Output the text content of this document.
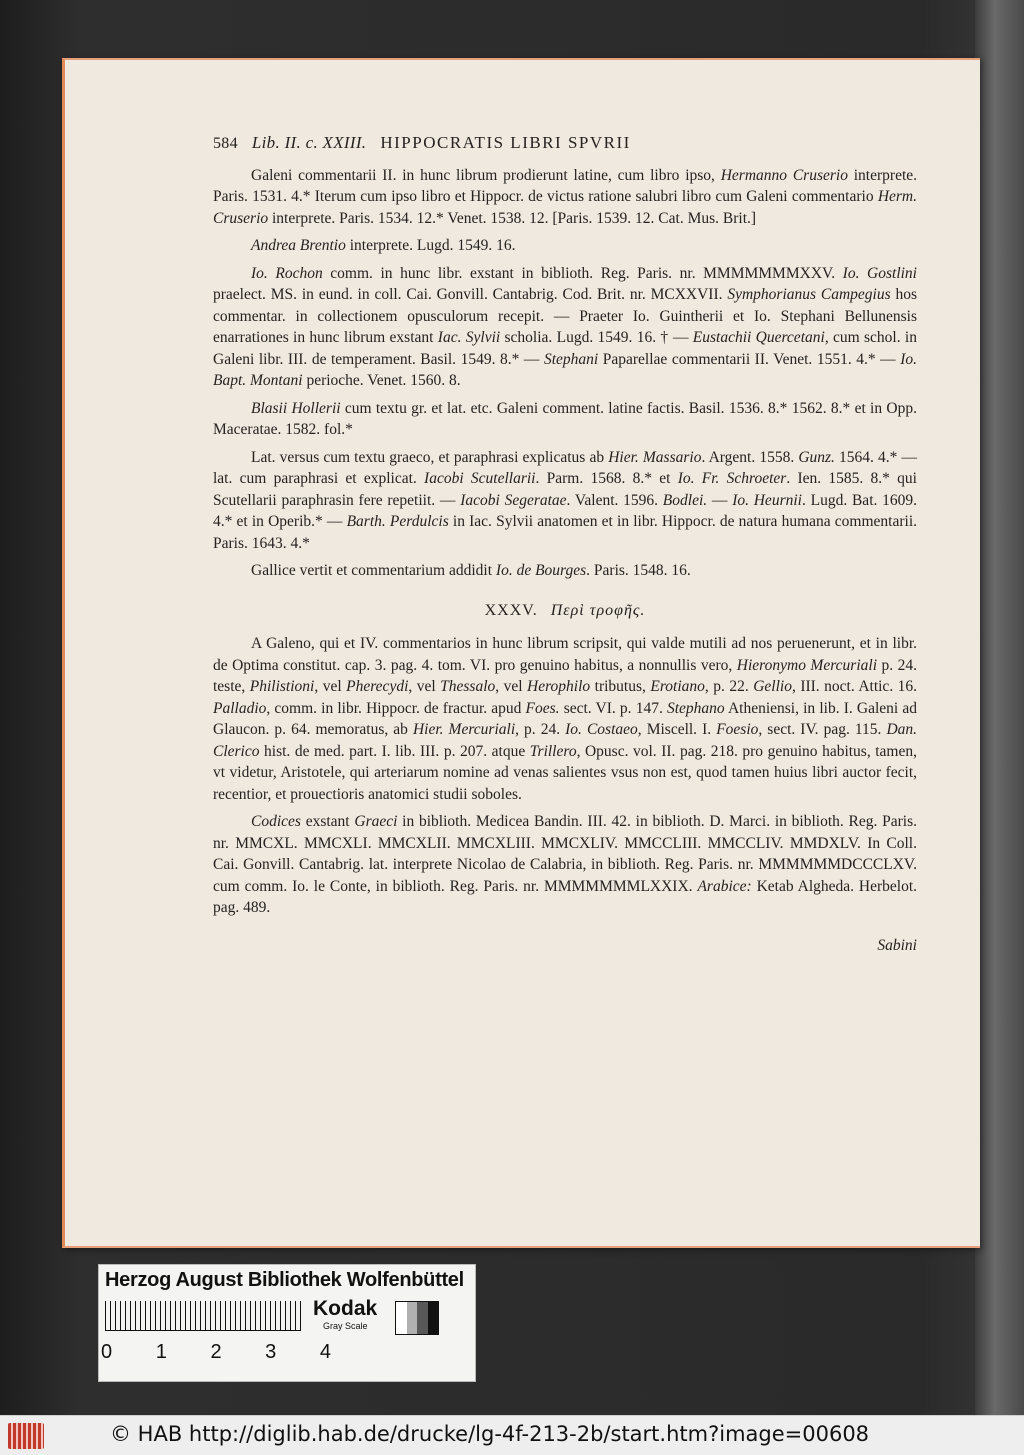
584 Lib. II. c. XXIII. HIPPOCRATIS LIBRI SPVRII
Galeni commentarii II. in hunc librum prodierunt latine, cum libro ipso, Hermanno Cruserio interprete. Paris. 1531. 4.* Iterum cum ipso libro et Hippocr. de victus ratione salubri libro cum Galeni commentario Herm. Cruserio interprete. Paris. 1534. 12.* Venet. 1538. 12. [Paris. 1539. 12. Cat. Mus. Brit.]
Andrea Brentio interprete. Lugd. 1549. 16.
Io. Rochon comm. in hunc libr. exstant in biblioth. Reg. Paris. nr. MMMMMMMXXV. Io. Gostlini praelect. MS. in eund. in coll. Cai. Gonvill. Cantabrig. Cod. Brit. nr. MCXXVII. Symphorianus Campegius hos commentar. in collectionem opusculorum recepit. — Praeter Io. Guintherii et Io. Stephani Bellunensis enarrationes in hunc librum exstant Iac. Sylvii scholia. Lugd. 1549. 16. † — Eustachii Quercetani, cum schol. in Galeni libr. III. de temperament. Basil. 1549. 8.* — Stephani Paparellae commentarii II. Venet. 1551. 4.* — Io. Bapt. Montani perioche. Venet. 1560. 8.
Blasii Hollerii cum textu gr. et lat. etc. Galeni comment. latine factis. Basil. 1536. 8.* 1562. 8.* et in Opp. Maceratae. 1582. fol.*
Lat. versus cum textu graeco, et paraphrasi explicatus ab Hier. Massario. Argent. 1558. Gunz. 1564. 4.* — lat. cum paraphrasi et explicat. Iacobi Scutellarii. Parm. 1568. 8.* et Io. Fr. Schroeter. Ien. 1585. 8.* qui Scutellarii paraphrasin fere repetiit. — Iacobi Segeratae. Valent. 1596. Bodlei. — Io. Heurnii. Lugd. Bat. 1609. 4.* et in Operib.* — Barth. Perdulcis in Iac. Sylvii anatomen et in libr. Hippocr. de natura humana commentarii. Paris. 1643. 4.*
Gallice vertit et commentarium addidit Io. de Bourges. Paris. 1548. 16.
XXXV. Περὶ τροφῆς.
A Galeno, qui et IV. commentarios in hunc librum scripsit, qui valde mutili ad nos peruenerunt, et in libr. de Optima constitut. cap. 3. pag. 4. tom. VI. pro genuino habitus, a nonnullis vero, Hieronymo Mercuriali p. 24. teste, Philistioni, vel Pherecydi, vel Thessalo, vel Herophilo tributus, Erotiano, p. 22. Gellio, III. noct. Attic. 16. Palladio, comm. in libr. Hippocr. de fractur. apud Foes. sect. VI. p. 147. Stephano Atheniensi, in lib. I. Galeni ad Glaucon. p. 64. memoratus, ab Hier. Mercuriali, p. 24. Io. Costaeo, Miscell. I. Foesio, sect. IV. pag. 115. Dan. Clerico hist. de med. part. I. lib. III. p. 207. atque Trillero, Opusc. vol. II. pag. 218. pro genuino habitus, tamen, vt videtur, Aristotele, qui arteriarum nomine ad venas salientes vsus non est, quod tamen huius libri auctor fecit, recentior, et prouectioris anatomici studii soboles.
Codices exstant Graeci in biblioth. Medicea Bandin. III. 42. in biblioth. D. Marci. in biblioth. Reg. Paris. nr. MMCXL. MMCXLI. MMCXLII. MMCXLIII. MMCXLIV. MMCCLIII. MMCCLIV. MMDXLV. In Coll. Cai. Gonvill. Cantabrig. lat. interprete Nicolao de Calabria, in biblioth. Reg. Paris. nr. MMMMMMDCCCLXV. cum comm. Io. le Conte, in biblioth. Reg. Paris. nr. MMMMMMMLXXIX. Arabice: Ketab Algheda. Herbelot. pag. 489.
Sabini
Herzog August Bibliothek Wolfenbüttel
0 1 2 3 4
Kodak
Gray Scale
© HAB http://diglib.hab.de/drucke/lg-4f-213-2b/start.htm?image=00608
